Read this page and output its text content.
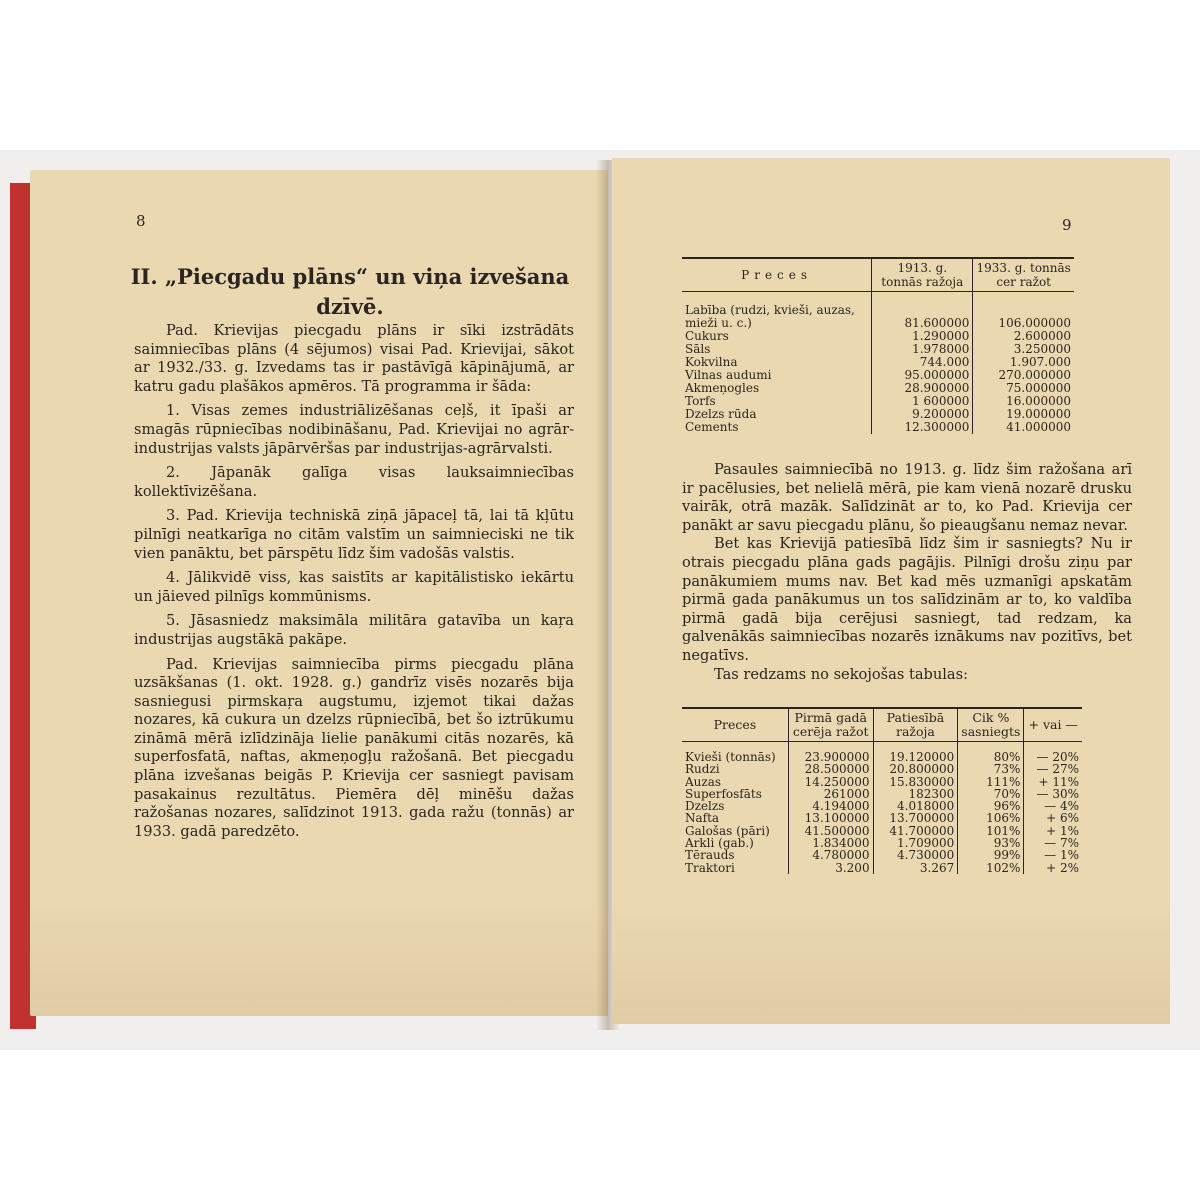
8
II. „Piecgadu plāns“ un viņa izvešana
dzīvē.

Pad. Krievijas piecgadu plāns ir sīki izstrādāts saimniecības plāns (4 sējumos) visai Pad. Krievijai, sākot ar 1932./33. g. Izvedams tas ir pastāvīgā kāpinājumā, ar katru gadu plašākos apmēros. Tā programma ir šāda:

1. Visas zemes industriālizēšanas ceļš, it īpaši ar smagās rūpniecības nodibināšanu, Pad. Krievijai no agrār-industrijas valsts jāpārvēršas par industrijas-agrārvalsti.

2. Jāpanāk galīga visas lauksaimniecības kollektīvizēšana.

3. Pad. Krievija techniskā ziņā jāpaceļ tā, lai tā kļūtu pilnīgi neatkarīga no citām valstīm un saimnieciski ne tik vien panāktu, bet pārspētu līdz šim vadošās valstis.

4. Jālikvidē viss, kas saistīts ar kapitālistisko iekārtu un jāieved pilnīgs kommūnisms.

5. Jāsasniedz maksimāla militāra gatavība un kaŗa industrijas augstākā pakāpe.

Pad. Krievijas saimniecība pirms piecgadu plāna uzsākšanas (1. okt. 1928. g.) gandrīz visēs nozarēs bija sasniegusi pirmskaŗa augstumu, izjemot tikai dažas nozares, kā cukura un dzelzs rūpniecībā, bet šo iztrūkumu zināmā mērā izlīdzināja lielie panākumi citās nozarēs, kā superfosfatā, naftas, akmeņogļu ražošanā. Bet piecgadu plāna izvešanas beigās P. Krievija cer sasniegt pavisam pasakainus rezultātus. Piemēra dēļ minēšu dažas ražošanas nozares, salīdzinot 1913. gada ražu (tonnās) ar 1933. gadā paredzēto.

9
Preces	1913. g. tonnās ražoja	1933. g. tonnās cer ražot
Labība (rudzi, kvieši, auzas, mieži u. c.)	81.600000	106.000000
Cukurs	1.290000	2.600000
Sāls	1.978000	3.250000
Kokvilna	744.000	1.907.000
Vilnas audumi	95.000000	270.000000
Akmeņogles	28.900000	75.000000
Torfs	1 600000	16.000000
Dzelzs rūda	9.200000	19.000000
Cements	12.300000	41.000000

Pasaules saimniecībā no 1913. g. līdz šim ražošana arī ir pacēlusies, bet nelielā mērā, pie kam vienā nozarē drusku vairāk, otrā mazāk. Salīdzināt ar to, ko Pad. Krievija cer panākt ar savu piecgadu plānu, šo pieaugšanu nemaz nevar.

Bet kas Krievijā patiesībā līdz šim ir sasniegts? Nu ir otrais piecgadu plāna gads pagājis. Pilnīgi drošu ziņu par panākumiem mums nav. Bet kad mēs uzmanīgi apskatām pirmā gada panākumus un tos salīdzinām ar to, ko valdība pirmā gadā bija cerējusi sasniegt, tad redzam, ka galvenākās saimniecības nozarēs iznākums nav pozitīvs, bet negatīvs.

Tas redzams no sekojošas tabulas:

Preces	Pirmā gadā cerēja ražot	Patiesībā ražoja	Cik % sasniegts	+ vai —
Kvieši (tonnās)	23.900000	19.120000	80%	— 20%
Rudzi	28.500000	20.800000	73%	— 27%
Auzas	14.250000	15.830000	111%	+ 11%
Superfosfāts	261000	182300	70%	— 30%
Dzelzs	4.194000	4.018000	96%	— 4%
Nafta	13.100000	13.700000	106%	+ 6%
Galošas (pāri)	41.500000	41.700000	101%	+ 1%
Arkli (gab.)	1.834000	1.709000	93%	— 7%
Tērauds	4.780000	4.730000	99%	— 1%
Traktori	3.200	3.267	102%	+ 2%
